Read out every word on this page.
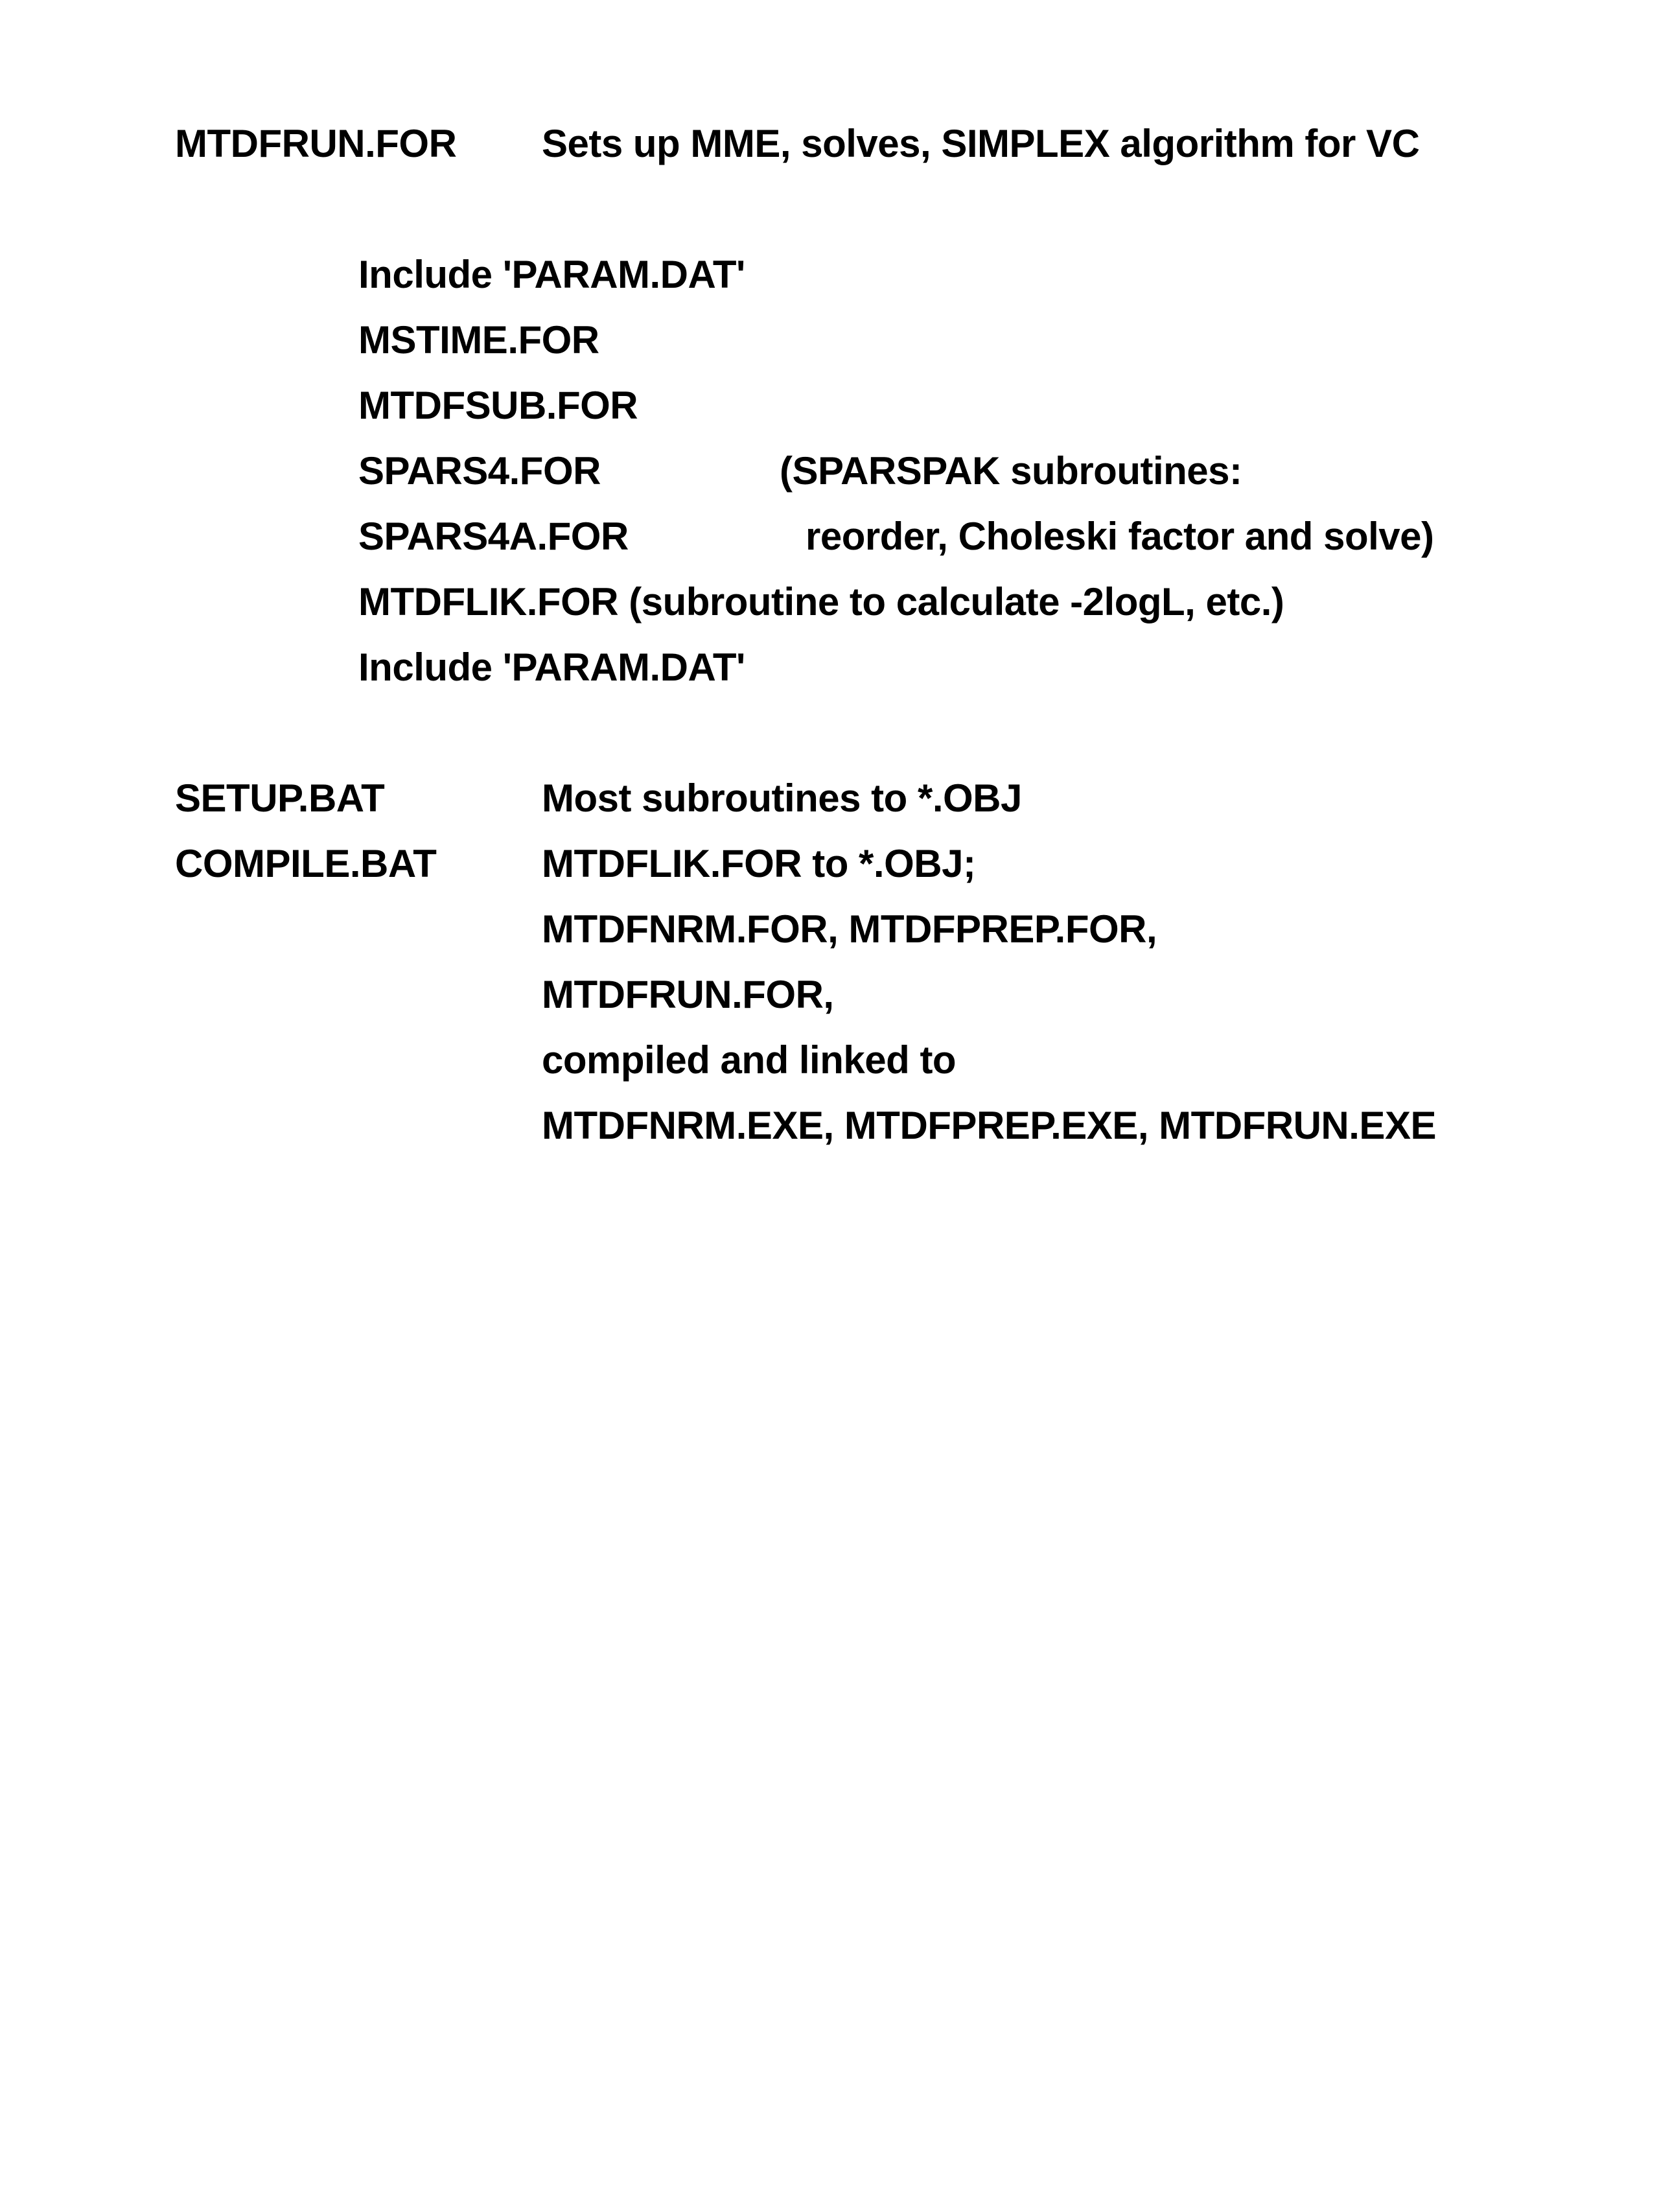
MTDFRUN.FOR Sets up MME, solves, SIMPLEX algorithm for VC
Include 'PARAM.DAT'
MSTIME.FOR
MTDFSUB.FOR
SPARS4.FOR	(SPARSPAK subroutines:
SPARS4A.FOR	reorder, Choleski factor and solve)
MTDFLIK.FOR (subroutine to calculate -2logL, etc.)
Include 'PARAM.DAT'
SETUP.BAT	Most subroutines to *.OBJ
COMPILE.BAT	MTDFLIK.FOR to *.OBJ;
MTDFNRM.FOR, MTDFPREP.FOR,
MTDFRUN.FOR,
compiled and linked to
MTDFNRM.EXE, MTDFPREP.EXE, MTDFRUN.EXE
